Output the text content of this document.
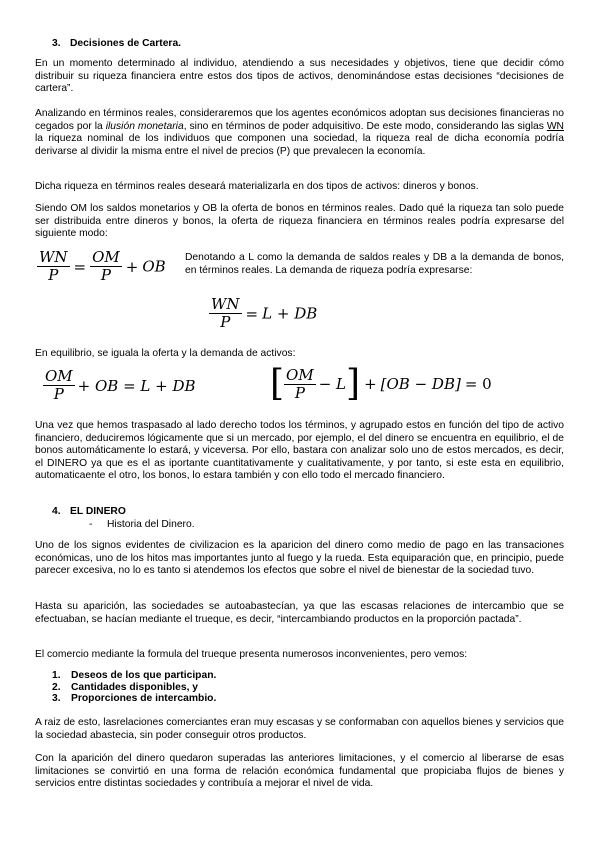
3. Decisiones de Cartera.

En un momento determinado al individuo, atendiendo a sus necesidades y objetivos, tiene que decidir cómo distribuir su riqueza financiera entre estos dos tipos de activos, denominándose estas decisiones “decisiones de cartera”.

Analizando en términos reales, consideraremos que los agentes económicos adoptan sus decisiones financieras no cegados por la ilusión monetaria, sino en términos de poder adquisitivo. De este modo, considerando las siglas WN la riqueza nominal de los individuos que componen una sociedad, la riqueza real de dicha economía podría derivarse al dividir la misma entre el nivel de precios (P) que prevalecen la economía.

Dicha riqueza en términos reales deseará materializarla en dos tipos de activos: dineros y bonos.

Siendo OM los saldos monetarios y OB la oferta de bonos en términos reales. Dado qué la riqueza tan solo puede ser distribuida entre dineros y bonos, la oferta de riqueza financiera en términos reales podría expresarse del siguiente modo:

$\frac{WN}{P} = \frac{OM}{P}$ + OB Denotando a L como la demanda de saldos reales y DB a la demanda de bonos, en términos reales. La demanda de riqueza podría expresarse:

$\frac{WN}{P} = L$ + DB

En equilibrio, se iguala la oferta y la demanda de activos:

$\frac{OM}{P}$ + OB = L + DB [ $\frac{OM}{P} - L] + [OB - DB] = 0$

Una vez que hemos traspasado al lado derecho todos los términos, y agrupado estos en función del tipo de activo financiero, deduciremos lógicamente que si un mercado, por ejemplo, el del dinero se encuentra en equilibrio, el de bonos automáticamente lo estará, y viceversa. Por ello, bastara con analizar solo uno de estos mercados, es decir, el DINERO ya que es el as iportante cuantitativamente y cualitativamente, y por tanto, si este esta en equilibrio, automaticaente el otro, los bonos, lo estara también y con ello todo el mercado financiero.

4. EL DINERO
- Historia del Dinero.

Uno de los signos evidentes de civilizacion es la aparicion del dinero como medio de pago en las transaciones económicas, uno de los hitos mas importantes junto al fuego y la rueda. Esta equiparación que, en principio, puede parecer excesiva, no lo es tanto si atendemos los efectos que sobre el nivel de bienestar de la sociedad tuvo.

Hasta su aparición, las sociedades se autoabastecían, ya que las escasas relaciones de intercambio que se efectuaban, se hacían mediante el trueque, es decir, “intercambiando productos en la proporción pactada”.

El comercio mediante la formula del trueque presenta numerosos inconvenientes, pero vemos:

1. Deseos de los que participan.
2. Cantidades disponibles, y
3. Proporciones de intercambio.

A raiz de esto, lasrelaciones comerciantes eran muy escasas y se conformaban con aquellos bienes y servicios que la sociedad abastecia, sin poder conseguir otros productos.

Con la aparición del dinero quedaron superadas las anteriores limitaciones, y el comercio al liberarse de esas limitaciones se convirtió en una forma de relación económica fundamental que propiciaba flujos de bienes y servicios entre distintas sociedades y contribuía a mejorar el nivel de vida.
